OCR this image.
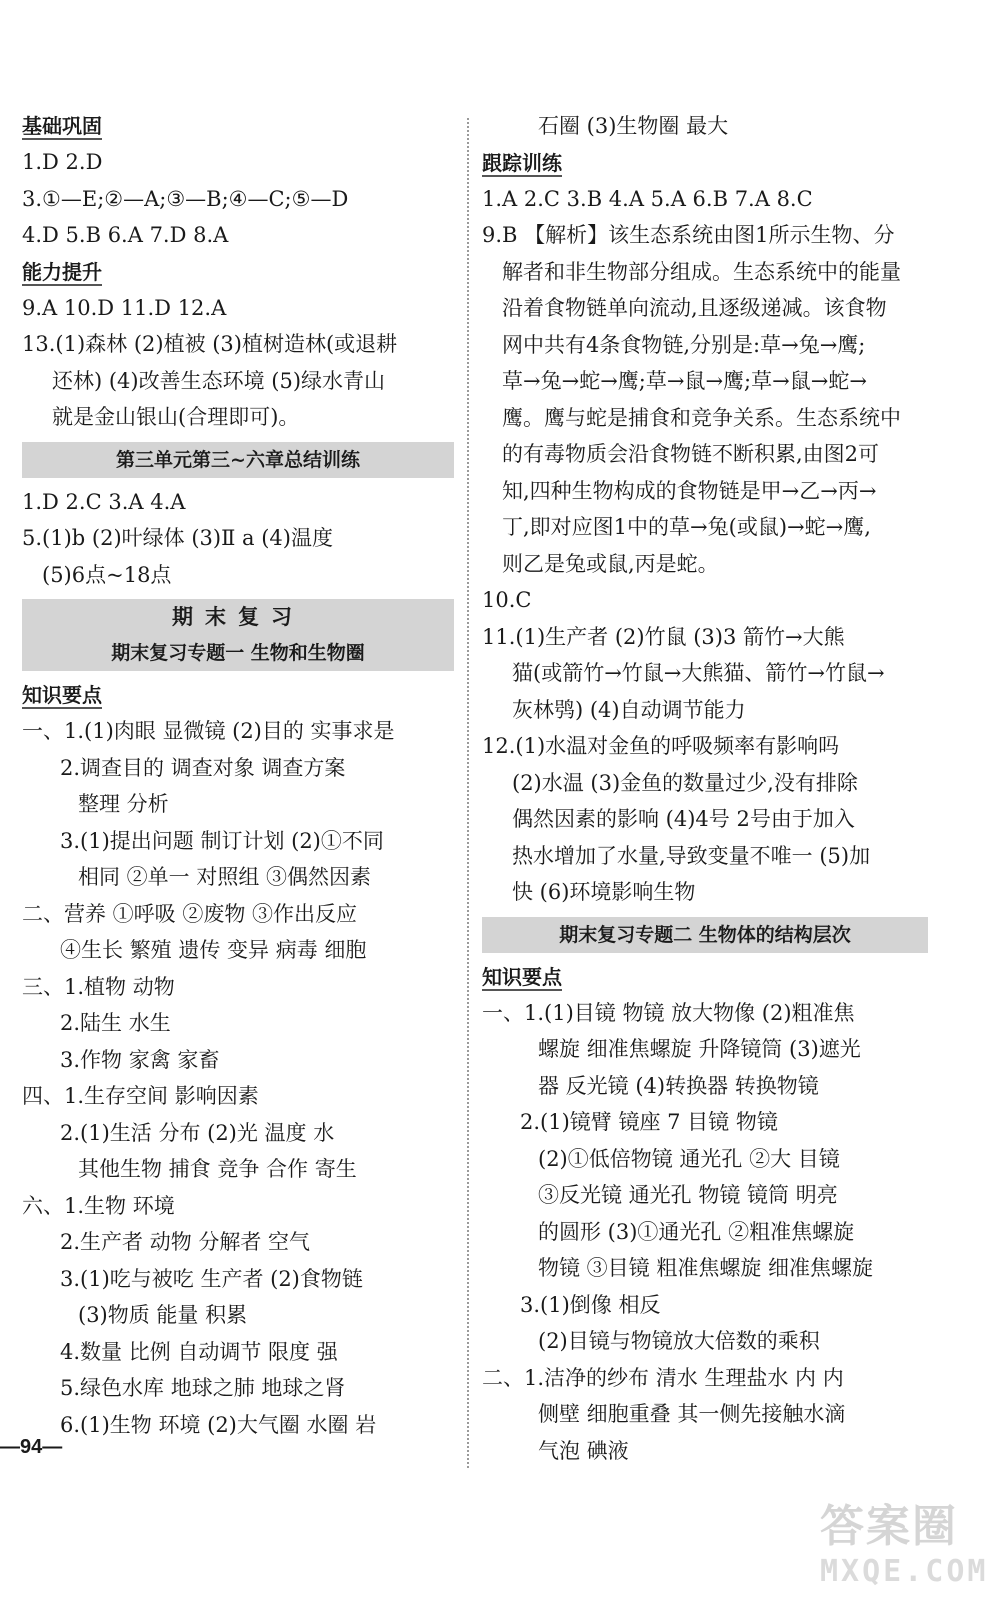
基础巩固
1.D 2.D
3.①—E;②—A;③—B;④—C;⑤—D
4.D 5.B 6.A 7.D 8.A
能力提升
9.A 10.D 11.D 12.A
13.(1)森林 (2)植被 (3)植树造林(或退耕
还林) (4)改善生态环境 (5)绿水青山
就是金山银山(合理即可)。
第三单元第三~六章总结训练
1.D 2.C 3.A 4.A
5.(1)b (2)叶绿体 (3)Ⅱ a (4)温度
(5)6点~18点
期末复习
期末复习专题一 生物和生物圈
知识要点
一、1.(1)肉眼 显微镜 (2)目的 实事求是
2.调查目的 调查对象 调查方案
整理 分析
3.(1)提出问题 制订计划 (2)①不同
相同 ②单一 对照组 ③偶然因素
二、营养 ①呼吸 ②废物 ③作出反应
④生长 繁殖 遗传 变异 病毒 细胞
三、1.植物 动物
2.陆生 水生
3.作物 家禽 家畜
四、1.生存空间 影响因素
2.(1)生活 分布 (2)光 温度 水
其他生物 捕食 竞争 合作 寄生
六、1.生物 环境
2.生产者 动物 分解者 空气
3.(1)吃与被吃 生产者 (2)食物链
(3)物质 能量 积累
4.数量 比例 自动调节 限度 强
5.绿色水库 地球之肺 地球之肾
6.(1)生物 环境 (2)大气圈 水圈 岩
石圈 (3)生物圈 最大
跟踪训练
1.A 2.C 3.B 4.A 5.A 6.B 7.A 8.C
9.B 【解析】该生态系统由图1所示生物、分
解者和非生物部分组成。生态系统中的能量
沿着食物链单向流动,且逐级递减。该食物
网中共有4条食物链,分别是:草→兔→鹰;
草→兔→蛇→鹰;草→鼠→鹰;草→鼠→蛇→
鹰。鹰与蛇是捕食和竞争关系。生态系统中
的有毒物质会沿食物链不断积累,由图2可
知,四种生物构成的食物链是甲→乙→丙→
丁,即对应图1中的草→兔(或鼠)→蛇→鹰,
则乙是兔或鼠,丙是蛇。
10.C
11.(1)生产者 (2)竹鼠 (3)3 箭竹→大熊
猫(或箭竹→竹鼠→大熊猫、箭竹→竹鼠→
灰林鸮) (4)自动调节能力
12.(1)水温对金鱼的呼吸频率有影响吗
(2)水温 (3)金鱼的数量过少,没有排除
偶然因素的影响 (4)4号 2号由于加入
热水增加了水量,导致变量不唯一 (5)加
快 (6)环境影响生物
期末复习专题二 生物体的结构层次
知识要点
一、1.(1)目镜 物镜 放大物像 (2)粗准焦
螺旋 细准焦螺旋 升降镜筒 (3)遮光
器 反光镜 (4)转换器 转换物镜
2.(1)镜臂 镜座 7 目镜 物镜
(2)①低倍物镜 通光孔 ②大 目镜
③反光镜 通光孔 物镜 镜筒 明亮
的圆形 (3)①通光孔 ②粗准焦螺旋
物镜 ③目镜 粗准焦螺旋 细准焦螺旋
3.(1)倒像 相反
(2)目镜与物镜放大倍数的乘积
二、1.洁净的纱布 清水 生理盐水 内 内
侧壁 细胞重叠 其一侧先接触水滴
气泡 碘液
—94—
答案圈
MXQE.COM
